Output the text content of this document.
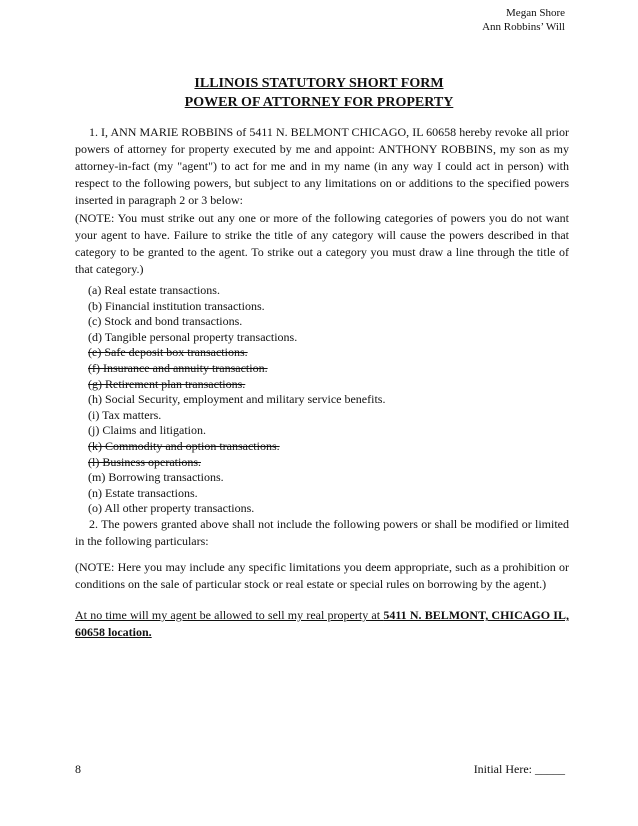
Megan Shore
Ann Robbins’ Will
ILLINOIS STATUTORY SHORT FORM
POWER OF ATTORNEY FOR PROPERTY
1. I, ANN MARIE ROBBINS of 5411 N. BELMONT CHICAGO, IL 60658 hereby revoke all prior powers of attorney for property executed by me and appoint: ANTHONY ROBBINS, my son as my attorney-in-fact (my "agent") to act for me and in my name (in any way I could act in person) with respect to the following powers, but subject to any limitations on or additions to the specified powers inserted in paragraph 2 or 3 below:
(NOTE: You must strike out any one or more of the following categories of powers you do not want your agent to have. Failure to strike the title of any category will cause the powers described in that category to be granted to the agent. To strike out a category you must draw a line through the title of that category.)
(a) Real estate transactions.
(b) Financial institution transactions.
(c) Stock and bond transactions.
(d) Tangible personal property transactions.
(e) Safe deposit box transactions.
(f) Insurance and annuity transaction.
(g) Retirement plan transactions.
(h) Social Security, employment and military service benefits.
(i) Tax matters.
(j) Claims and litigation.
(k) Commodity and option transactions.
(l) Business operations.
(m) Borrowing transactions.
(n) Estate transactions.
(o) All other property transactions.
2. The powers granted above shall not include the following powers or shall be modified or limited in the following particulars:
(NOTE: Here you may include any specific limitations you deem appropriate, such as a prohibition or conditions on the sale of particular stock or real estate or special rules on borrowing by the agent.)
At no time will my agent be allowed to sell my real property at 5411 N. BELMONT, CHICAGO IL, 60658 location.
8	Initial Here: _____
